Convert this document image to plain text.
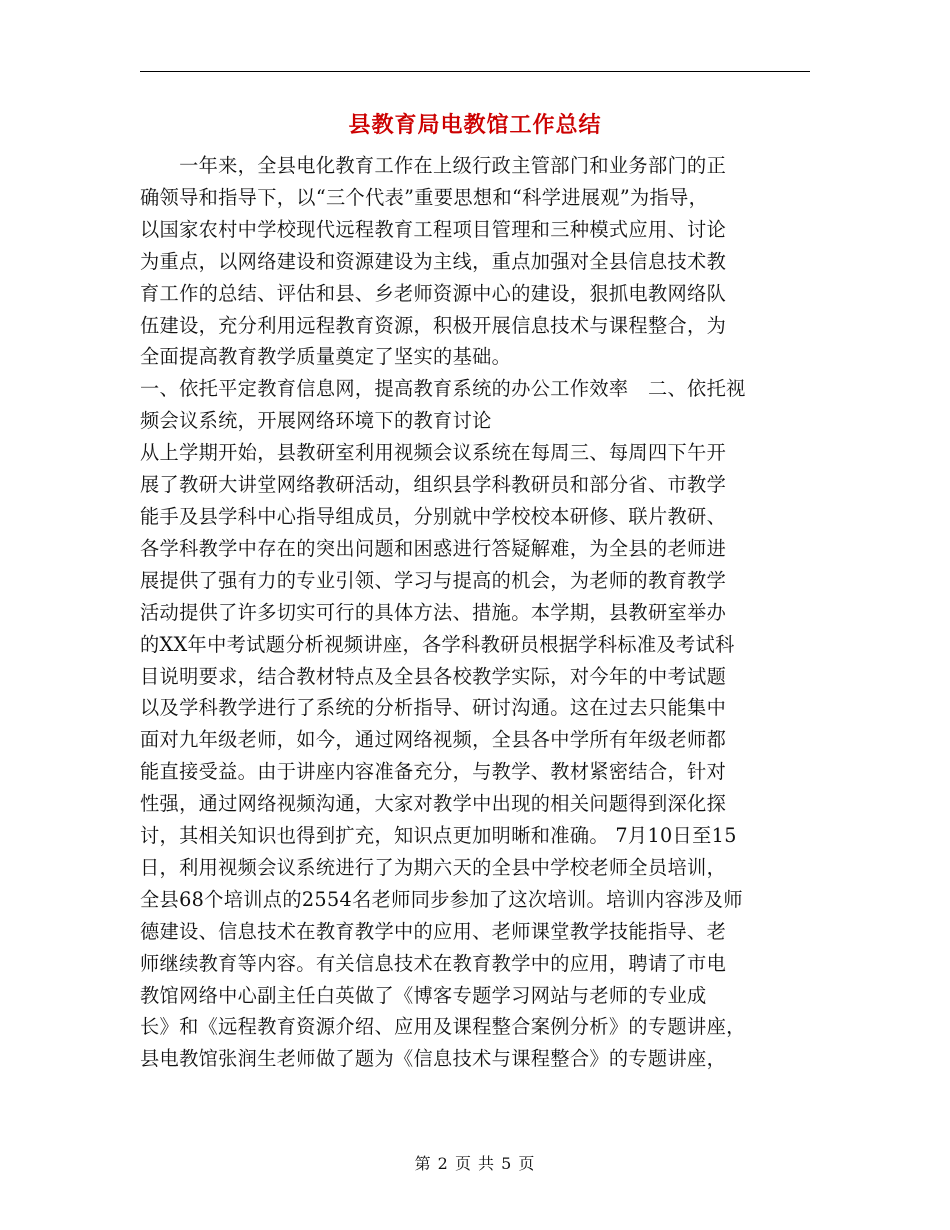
县教育局电教馆工作总结
　　一年来，全县电化教育工作在上级行政主管部门和业务部门的正
确领导和指导下，以“三个代表”重要思想和“科学进展观”为指导，
以国家农村中学校现代远程教育工程项目管理和三种模式应用、讨论
为重点，以网络建设和资源建设为主线，重点加强对全县信息技术教
育工作的总结、评估和县、乡老师资源中心的建设，狠抓电教网络队
伍建设，充分利用远程教育资源，积极开展信息技术与课程整合，为
全面提高教育教学质量奠定了坚实的基础。
一、依托平定教育信息网，提高教育系统的办公工作效率　二、依托视
频会议系统，开展网络环境下的教育讨论
从上学期开始，县教研室利用视频会议系统在每周三、每周四下午开
展了教研大讲堂网络教研活动，组织县学科教研员和部分省、市教学
能手及县学科中心指导组成员，分别就中学校校本研修、联片教研、
各学科教学中存在的突出问题和困惑进行答疑解难，为全县的老师进
展提供了强有力的专业引领、学习与提高的机会，为老师的教育教学
活动提供了许多切实可行的具体方法、措施。本学期，县教研室举办
的XX年中考试题分析视频讲座，各学科教研员根据学科标准及考试科
目说明要求，结合教材特点及全县各校教学实际，对今年的中考试题
以及学科教学进行了系统的分析指导、研讨沟通。这在过去只能集中
面对九年级老师，如今，通过网络视频，全县各中学所有年级老师都
能直接受益。由于讲座内容准备充分，与教学、教材紧密结合，针对
性强，通过网络视频沟通，大家对教学中出现的相关问题得到深化探
讨，其相关知识也得到扩充，知识点更加明晰和准确。 7月10日至15
日，利用视频会议系统进行了为期六天的全县中学校老师全员培训，
全县68个培训点的2554名老师同步参加了这次培训。培训内容涉及师
德建设、信息技术在教育教学中的应用、老师课堂教学技能指导、老
师继续教育等内容。有关信息技术在教育教学中的应用，聘请了市电
教馆网络中心副主任白英做了《博客专题学习网站与老师的专业成
长》和《远程教育资源介绍、应用及课程整合案例分析》的专题讲座，
县电教馆张润生老师做了题为《信息技术与课程整合》的专题讲座，
第 2 页 共 5 页
